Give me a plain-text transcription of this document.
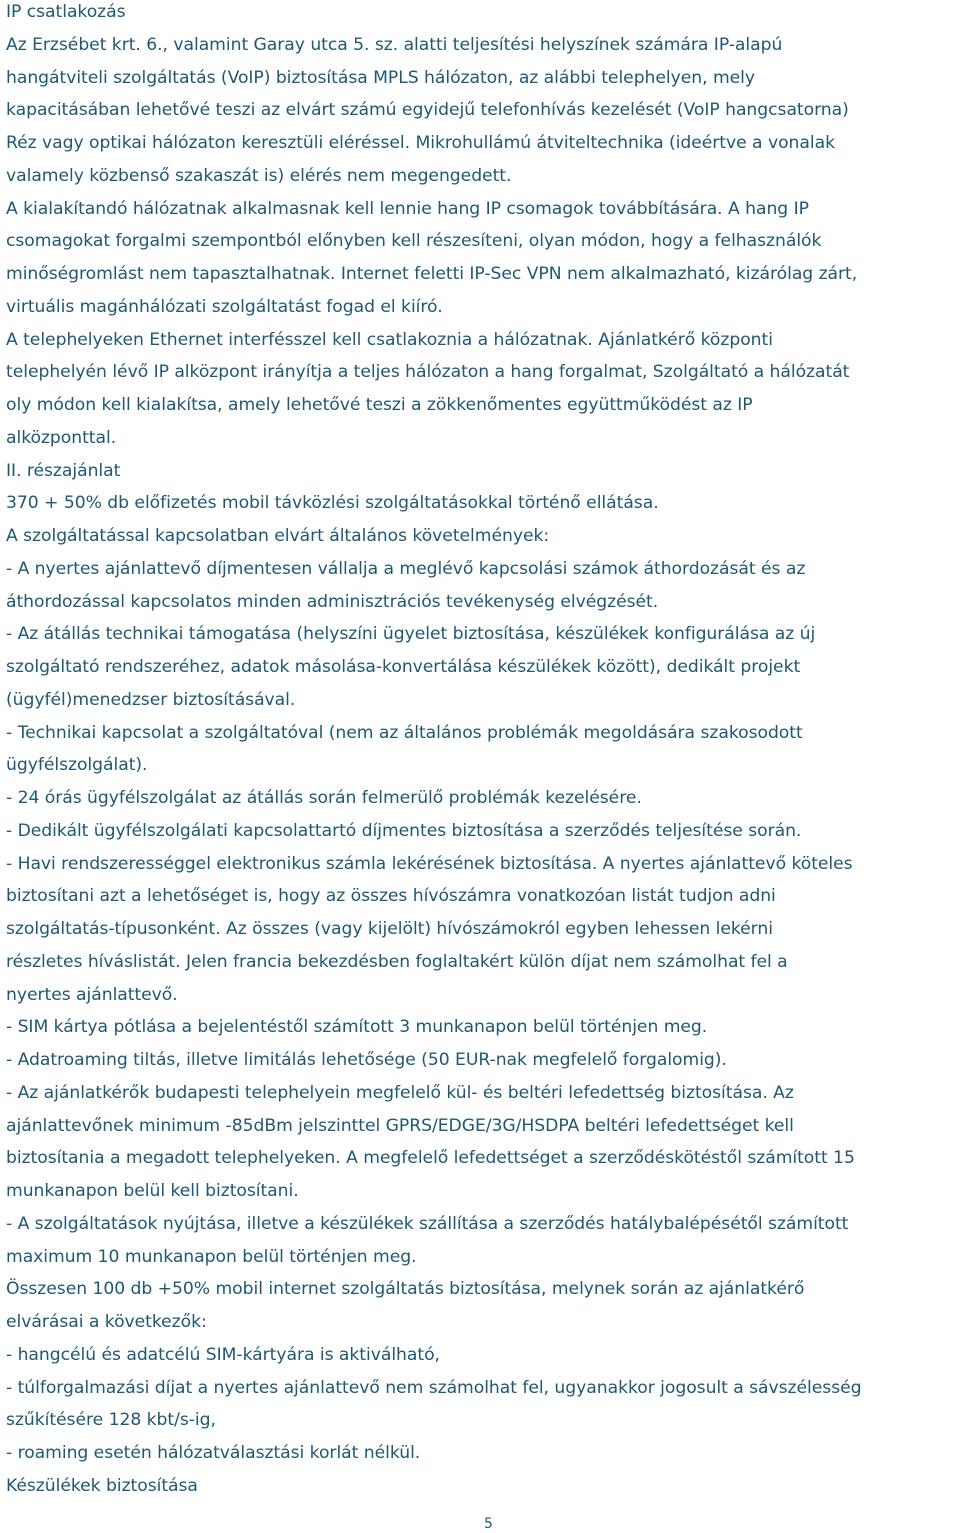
IP csatlakozás
Az Erzsébet krt. 6., valamint Garay utca 5. sz. alatti teljesítési helyszínek számára IP-alapú
hangátviteli szolgáltatás (VoIP) biztosítása MPLS hálózaton, az alábbi telephelyen, mely
kapacitásában lehetővé teszi az elvárt számú egyidejű telefonhívás kezelését (VoIP hangcsatorna)
Réz vagy optikai hálózaton keresztüli eléréssel. Mikrohullámú átviteltechnika (ideértve a vonalak
valamely közbenső szakaszát is) elérés nem megengedett.
A kialakítandó hálózatnak alkalmasnak kell lennie hang IP csomagok továbbítására. A hang IP
csomagokat forgalmi szempontból előnyben kell részesíteni, olyan módon, hogy a felhasználók
minőségromlást nem tapasztalhatnak. Internet feletti IP-Sec VPN nem alkalmazható, kizárólag zárt,
virtuális magánhálózati szolgáltatást fogad el kiíró.
A telephelyeken Ethernet interfésszel kell csatlakoznia a hálózatnak. Ajánlatkérő központi
telephelyén lévő IP alközpont irányítja a teljes hálózaton a hang forgalmat, Szolgáltató a hálózatát
oly módon kell kialakítsa, amely lehetővé teszi a zökkenőmentes együttműködést az IP
alközponttal.
II. részajánlat
370 + 50% db előfizetés mobil távközlési szolgáltatásokkal történő ellátása.
A szolgáltatással kapcsolatban elvárt általános követelmények:
- A nyertes ajánlattevő díjmentesen vállalja a meglévő kapcsolási számok áthordozását és az
áthordozással kapcsolatos minden adminisztrációs tevékenység elvégzését.
- Az átállás technikai támogatása (helyszíni ügyelet biztosítása, készülékek konfigurálása az új
szolgáltató rendszeréhez, adatok másolása-konvertálása készülékek között), dedikált projekt
(ügyfél)menedzser biztosításával.
- Technikai kapcsolat a szolgáltatóval (nem az általános problémák megoldására szakosodott
ügyfélszolgálat).
- 24 órás ügyfélszolgálat az átállás során felmerülő problémák kezelésére.
- Dedikált ügyfélszolgálati kapcsolattartó díjmentes biztosítása a szerződés teljesítése során.
- Havi rendszerességgel elektronikus számla lekérésének biztosítása. A nyertes ajánlattevő köteles
biztosítani azt a lehetőséget is, hogy az összes hívószámra vonatkozóan listát tudjon adni
szolgáltatás-típusonként. Az összes (vagy kijelölt) hívószámokról egyben lehessen lekérni
részletes híváslistát. Jelen francia bekezdésben foglaltakért külön díjat nem számolhat fel a
nyertes ajánlattevő.
- SIM kártya pótlása a bejelentéstől számított 3 munkanapon belül történjen meg.
- Adatroaming tiltás, illetve limitálás lehetősége (50 EUR-nak megfelelő forgalomig).
- Az ajánlatkérők budapesti telephelyein megfelelő kül- és beltéri lefedettség biztosítása. Az
ajánlattevőnek minimum -85dBm jelszinttel GPRS/EDGE/3G/HSDPA beltéri lefedettséget kell
biztosítania a megadott telephelyeken. A megfelelő lefedettséget a szerződéskötéstől számított 15
munkanapon belül kell biztosítani.
- A szolgáltatások nyújtása, illetve a készülékek szállítása a szerződés hatálybalépésétől számított
maximum 10 munkanapon belül történjen meg.
Összesen 100 db +50% mobil internet szolgáltatás biztosítása, melynek során az ajánlatkérő
elvárásai a következők:
- hangcélú és adatcélú SIM-kártyára is aktiválható,
- túlforgalmazási díjat a nyertes ajánlattevő nem számolhat fel, ugyanakkor jogosult a sávszélesség
szűkítésére 128 kbt/s-ig,
- roaming esetén hálózatválasztási korlát nélkül.
Készülékek biztosítása
5
